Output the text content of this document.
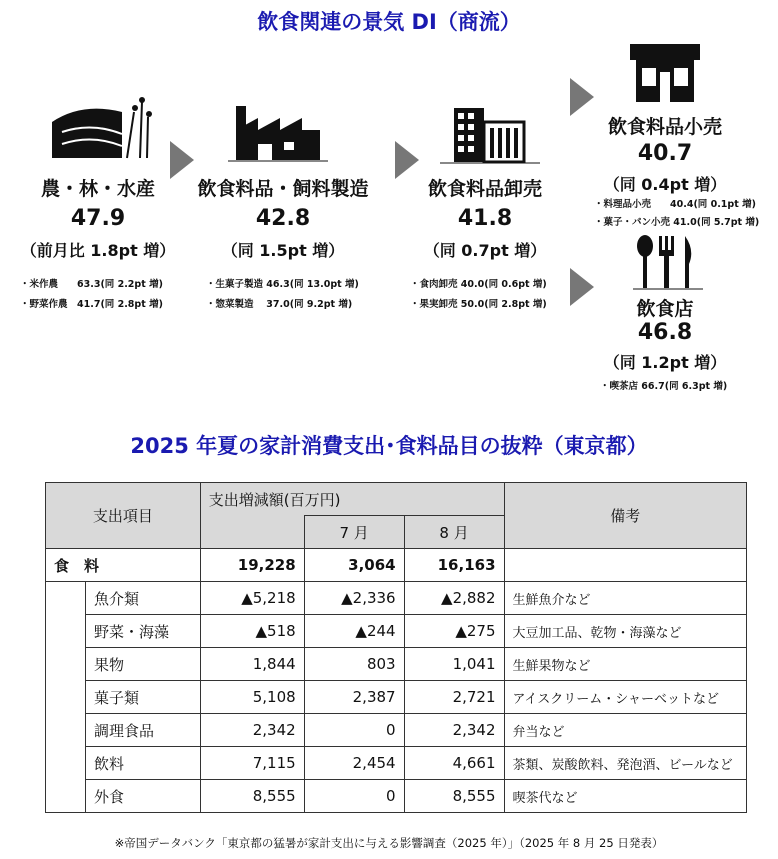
飲食関連の景気 DI（商流）
農・林・水産
47.9
（前月比 1.8pt 増）
・米作農　　63.3(同 2.2pt 増)
・野菜作農　41.7(同 2.8pt 増)
飲食料品・飼料製造
42.8
（同 1.5pt 増）
・生菓子製造 46.3(同 13.0pt 増)
・惣菜製造　 37.0(同 9.2pt 増)
飲食料品卸売
41.8
（同 0.7pt 増）
・食肉卸売 40.0(同 0.6pt 増)
・果実卸売 50.0(同 2.8pt 増)
飲食料品小売
40.7
（同 0.4pt 増）
・料理品小売　　40.4(同 0.1pt 増)
・菓子・パン小売 41.0(同 5.7pt 増)
飲食店
46.8
（同 1.2pt 増）
・喫茶店 66.7(同 6.3pt 増)
2025 年夏の家計消費支出･食料品目の抜粋（東京都）
支出項目		支出増減額(百万円)			備考
			7 月	8 月	
食　料		19,228	3,064	16,163	
	魚介類	▲5,218	▲2,336	▲2,882	生鮮魚介など
	野菜・海藻	▲518	▲244	▲275	大豆加工品、乾物・海藻など
	果物	1,844	803	1,041	生鮮果物など
	菓子類	5,108	2,387	2,721	アイスクリーム・シャーベットなど
	調理食品	2,342	0	2,342	弁当など
	飲料	7,115	2,454	4,661	茶類、炭酸飲料、発泡酒、ビールなど
	外食	8,555	0	8,555	喫茶代など
※帝国データバンク「東京都の猛暑が家計支出に与える影響調査（2025 年）」（2025 年 8 月 25 日発表）
